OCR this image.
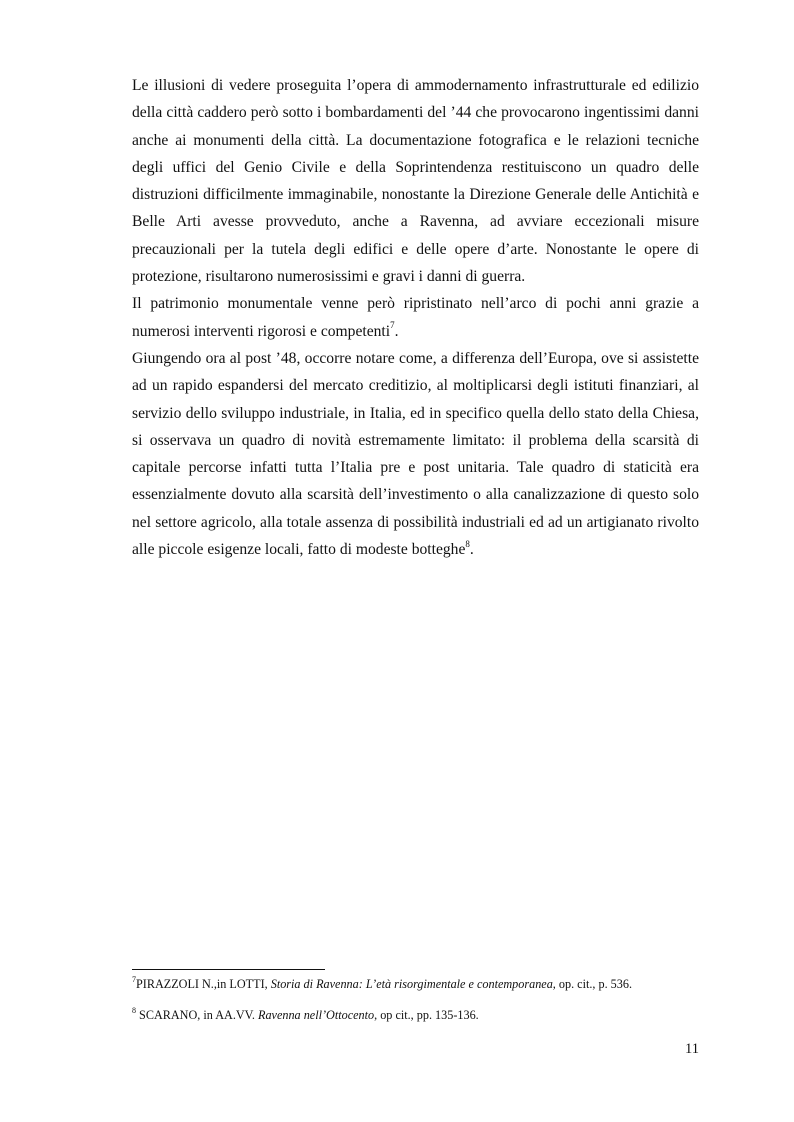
Le illusioni di vedere proseguita l’opera di ammodernamento infrastrutturale ed edilizio della città caddero però sotto i bombardamenti del ’44 che provocarono ingentissimi danni anche ai monumenti della città. La documentazione fotografica e le relazioni tecniche degli uffici del Genio Civile e della Soprintendenza restituiscono un quadro delle distruzioni difficilmente immaginabile, nonostante la Direzione Generale delle Antichità e Belle Arti avesse provveduto, anche a Ravenna, ad avviare eccezionali misure precauzionali per la tutela degli edifici e delle opere d’arte. Nonostante le opere di protezione, risultarono numerosissimi e gravi i danni di guerra.

Il patrimonio monumentale venne però ripristinato nell’arco di pochi anni grazie a numerosi interventi rigorosi e competenti$^7$.

Giungendo ora al post ’48, occorre notare come, a differenza dell’Europa, ove si assistette ad un rapido espandersi del mercato creditizio, al moltiplicarsi degli istituti finanziari, al servizio dello sviluppo industriale, in Italia, ed in specifico quella dello stato della Chiesa, si osservava un quadro di novità estremamente limitato: il problema della scarsità di capitale percorse infatti tutta l’Italia pre e post unitaria. Tale quadro di staticità era essenzialmente dovuto alla scarsità dell’investimento o alla canalizzazione di questo solo nel settore agricolo, alla totale assenza di possibilità industriali ed ad un artigianato rivolto alle piccole esigenze locali, fatto di modeste botteghe$^8$.

$^7$PIRAZZOLI N.,in LOTTI, Storia di Ravenna: L’età risorgimentale e contemporanea, op. cit., p. 536.

$^8$ SCARANO, in AA.VV. Ravenna nell’Ottocento, op cit., pp. 135-136.

11
